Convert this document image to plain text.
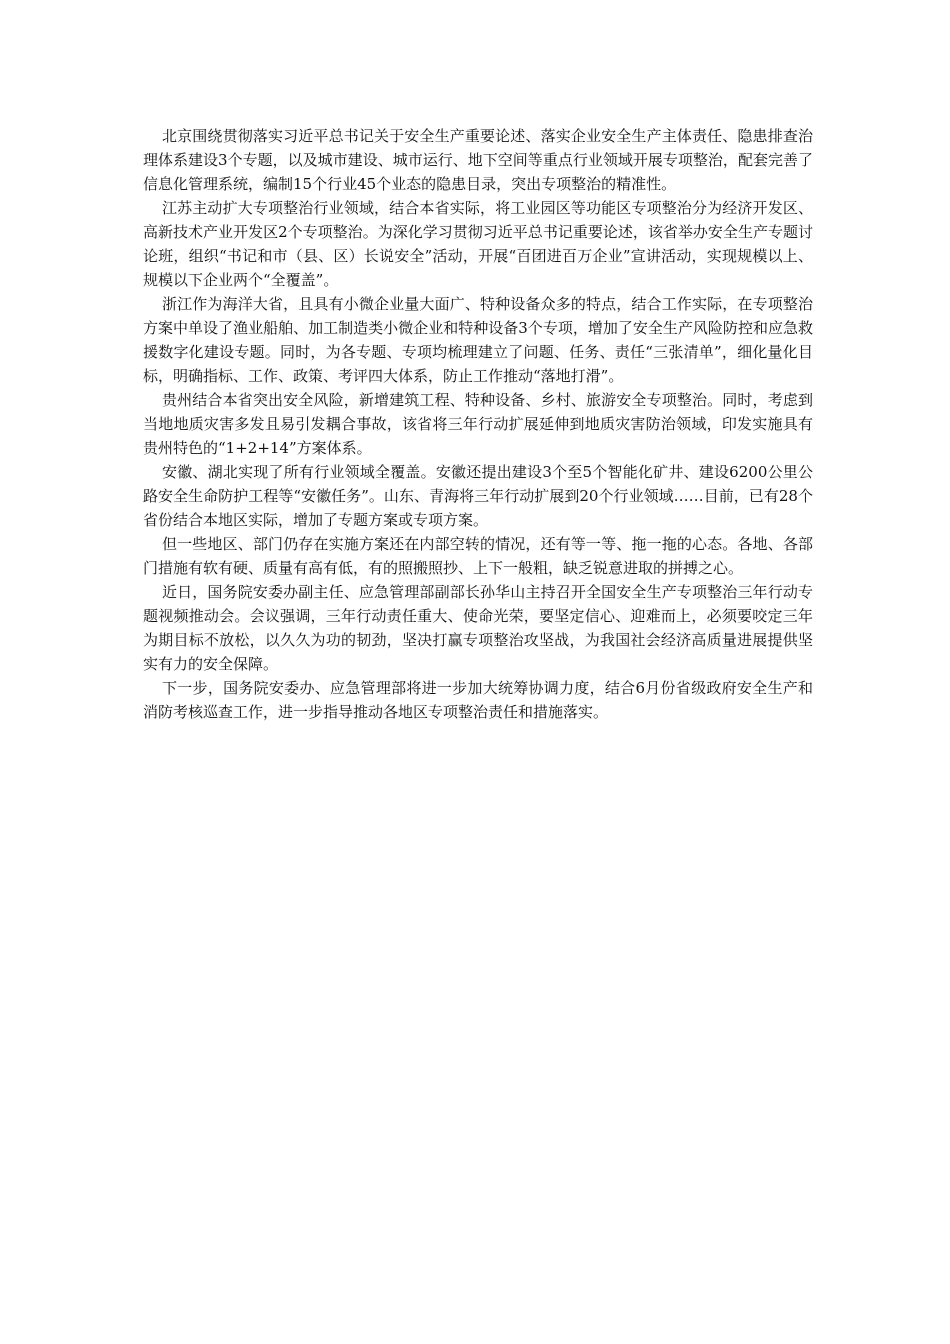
北京围绕贯彻落实习近平总书记关于安全生产重要论述、落实企业安全生产主体责任、隐患排查治理体系建设3个专题，以及城市建设、城市运行、地下空间等重点行业领域开展专项整治，配套完善了信息化管理系统，编制15个行业45个业态的隐患目录，突出专项整治的精准性。

江苏主动扩大专项整治行业领域，结合本省实际，将工业园区等功能区专项整治分为经济开发区、高新技术产业开发区2个专项整治。为深化学习贯彻习近平总书记重要论述，该省举办安全生产专题讨论班，组织“书记和市（县、区）长说安全”活动，开展“百团进百万企业”宣讲活动，实现规模以上、规模以下企业两个“全覆盖”。

浙江作为海洋大省，且具有小微企业量大面广、特种设备众多的特点，结合工作实际，在专项整治方案中单设了渔业船舶、加工制造类小微企业和特种设备3个专项，增加了安全生产风险防控和应急救援数字化建设专题。同时，为各专题、专项均梳理建立了问题、任务、责任“三张清单”，细化量化目标，明确指标、工作、政策、考评四大体系，防止工作推动“落地打滑”。

贵州结合本省突出安全风险，新增建筑工程、特种设备、乡村、旅游安全专项整治。同时，考虑到当地地质灾害多发且易引发耦合事故，该省将三年行动扩展延伸到地质灾害防治领域，印发实施具有贵州特色的“1+2+14”方案体系。

安徽、湖北实现了所有行业领域全覆盖。安徽还提出建设3个至5个智能化矿井、建设6200公里公路安全生命防护工程等“安徽任务”。山东、青海将三年行动扩展到20个行业领域……目前，已有28个省份结合本地区实际，增加了专题方案或专项方案。

但一些地区、部门仍存在实施方案还在内部空转的情况，还有等一等、拖一拖的心态。各地、各部门措施有软有硬、质量有高有低，有的照搬照抄、上下一般粗，缺乏锐意进取的拼搏之心。

近日，国务院安委办副主任、应急管理部副部长孙华山主持召开全国安全生产专项整治三年行动专题视频推动会。会议强调，三年行动责任重大、使命光荣，要坚定信心、迎难而上，必须要咬定三年为期目标不放松，以久久为功的韧劲，坚决打赢专项整治攻坚战，为我国社会经济高质量进展提供坚实有力的安全保障。

下一步，国务院安委办、应急管理部将进一步加大统筹协调力度，结合6月份省级政府安全生产和消防考核巡查工作，进一步指导推动各地区专项整治责任和措施落实。
